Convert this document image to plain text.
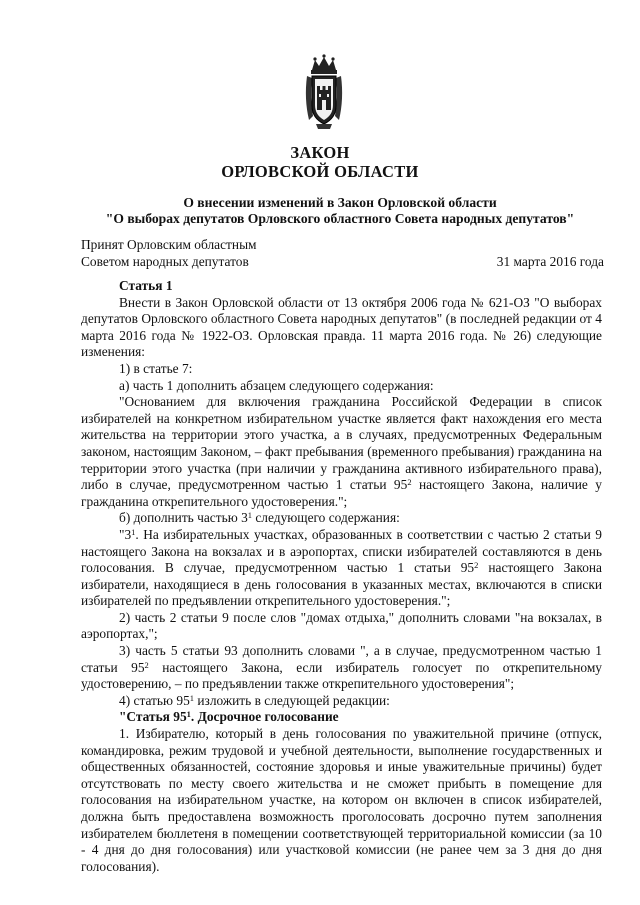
ЗАКОН
ОРЛОВСКОЙ ОБЛАСТИ
О внесении изменений в Закон Орловской области
"О выборах депутатов Орловского областного Совета народных депутатов"
Принят Орловским областным
Советом народных депутатов	31 марта 2016 года

Статья 1

Внести в Закон Орловской области от 13 октября 2006 года № 621-ОЗ "О выборах депутатов Орловского областного Совета народных депутатов" (в последней редакции от 4 марта 2016 года № 1922-ОЗ. Орловская правда. 11 марта 2016 года. № 26) следующие изменения:

1) в статье 7:

а) часть 1 дополнить абзацем следующего содержания:

"Основанием для включения гражданина Российской Федерации в список избирателей на конкретном избирательном участке является факт нахождения его места жительства на территории этого участка, а в случаях, предусмотренных Федеральным законом, настоящим Законом, – факт пребывания (временного пребывания) гражданина на территории этого участка (при наличии у гражданина активного избирательного права), либо в случае, предусмотренном частью 1 статьи $95^2$ настоящего Закона, наличие у гражданина открепительного удостоверения.";

б) дополнить частью $3^1$ следующего содержания:

"$3^1$. На избирательных участках, образованных в соответствии с частью 2 статьи 9 настоящего Закона на вокзалах и в аэропортах, списки избирателей составляются в день голосования. В случае, предусмотренном частью 1 статьи $95^2$ настоящего Закона избиратели, находящиеся в день голосования в указанных местах, включаются в списки избирателей по предъявлении открепительного удостоверения.";

2) часть 2 статьи 9 после слов "домах отдыха," дополнить словами "на вокзалах, в аэропортах,";

3) часть 5 статьи 93 дополнить словами ", а в случае, предусмотренном частью 1 статьи $95^2$ настоящего Закона, если избиратель голосует по открепительному удостоверению, – по предъявлении также открепительного удостоверения";

4) статью $95^1$ изложить в следующей редакции:

"Статья $95^1$. Досрочное голосование

1. Избирателю, который в день голосования по уважительной причине (отпуск, командировка, режим трудовой и учебной деятельности, выполнение государственных и общественных обязанностей, состояние здоровья и иные уважительные причины) будет отсутствовать по месту своего жительства и не сможет прибыть в помещение для голосования на избирательном участке, на котором он включен в список избирателей, должна быть предоставлена возможность проголосовать досрочно путем заполнения избирателем бюллетеня в помещении соответствующей территориальной комиссии (за 10 - 4 дня до дня голосования) или участковой комиссии (не ранее чем за 3 дня до дня голосования).
